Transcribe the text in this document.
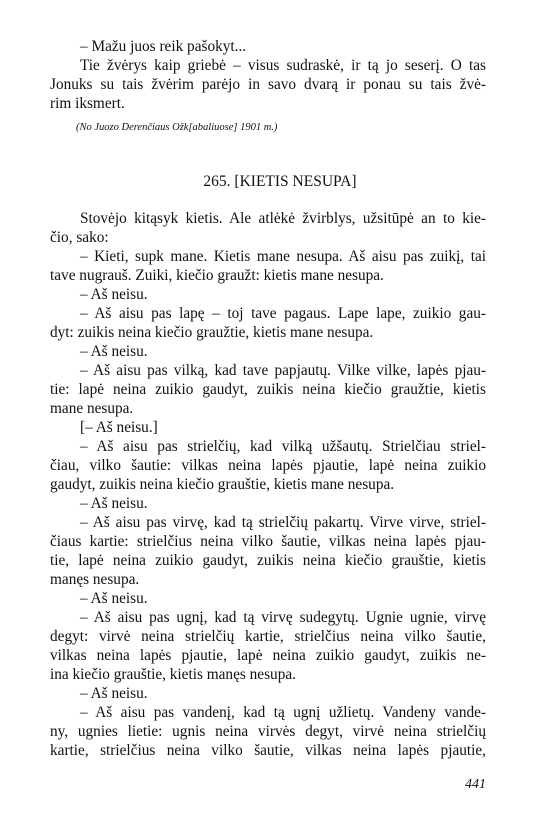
– Mažu juos reik pašokyt...
Tie žvėrys kaip griebė – visus sudraskė, ir tą jo seserį. O tas
Jonuks su tais žvėrim parėjo in savo dvarą ir ponau su tais žvė-
rim iksmert.
(No Juozo Derenčiaus Ožk[abaliuose] 1901 m.)
265. [KIETIS NESUPA]
Stovėjo kitąsyk kietis. Ale atlėkė žvirblys, užsitūpė an to kie-
čio, sako:
– Kieti, supk mane. Kietis mane nesupa. Aš aisu pas zuikį, tai
tave nugrauš. Zuiki, kiečio graužt: kietis mane nesupa.
– Aš neisu.
– Aš aisu pas lapę – toj tave pagaus. Lape lape, zuikio gau-
dyt: zuikis neina kiečio graužtie, kietis mane nesupa.
– Aš neisu.
– Aš aisu pas vilką, kad tave papjautų. Vilke vilke, lapės pjau-
tie: lapė neina zuikio gaudyt, zuikis neina kiečio graužtie, kietis
mane nesupa.
[– Aš neisu.]
– Aš aisu pas strielčių, kad vilką užšautų. Strielčiau striel-
čiau, vilko šautie: vilkas neina lapės pjautie, lapė neina zuikio
gaudyt, zuikis neina kiečio grauštie, kietis mane nesupa.
– Aš neisu.
– Aš aisu pas virvę, kad tą strielčių pakartų. Virve virve, striel-
čiaus kartie: strielčius neina vilko šautie, vilkas neina lapės pjau-
tie, lapė neina zuikio gaudyt, zuikis neina kiečio grauštie, kietis
manęs nesupa.
– Aš neisu.
– Aš aisu pas ugnį, kad tą virvę sudegytų. Ugnie ugnie, virvę
degyt: virvė neina strielčių kartie, strielčius neina vilko šautie,
vilkas neina lapės pjautie, lapė neina zuikio gaudyt, zuikis ne-
ina kiečio grauštie, kietis manęs nesupa.
– Aš neisu.
– Aš aisu pas vandenį, kad tą ugnį užlietų. Vandeny vande-
ny, ugnies lietie: ugnis neina virvės degyt, virvė neina strielčių
kartie, strielčius neina vilko šautie, vilkas neina lapės pjautie,
441
